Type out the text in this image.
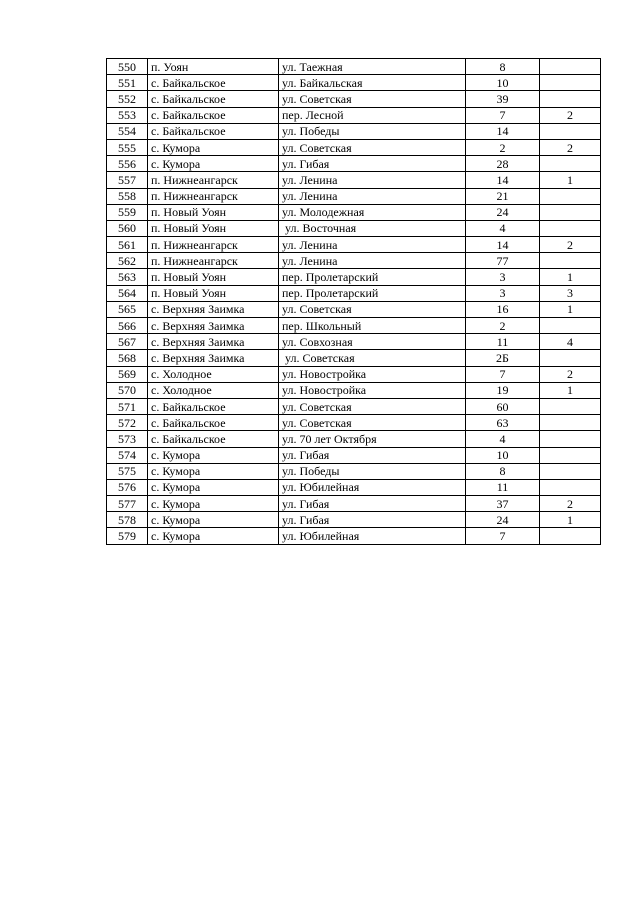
550	п. Уоян	ул. Таежная	8	
551	с. Байкальское	ул. Байкальская	10	
552	с. Байкальское	ул. Советская	39	
553	с. Байкальское	пер. Лесной	7	2
554	с. Байкальское	ул. Победы	14	
555	с. Кумора	ул. Советская	2	2
556	с. Кумора	ул. Гибая	28	
557	п. Нижнеангарск	ул. Ленина	14	1
558	п. Нижнеангарск	ул. Ленина	21	
559	п. Новый Уоян	ул. Молодежная	24	
560	п. Новый Уоян	ул. Восточная	4	
561	п. Нижнеангарск	ул. Ленина	14	2
562	п. Нижнеангарск	ул. Ленина	77	
563	п. Новый Уоян	пер. Пролетарский	3	1
564	п. Новый Уоян	пер. Пролетарский	3	3
565	с. Верхняя Заимка	ул. Советская	16	1
566	с. Верхняя Заимка	пер. Школьный	2	
567	с. Верхняя Заимка	ул. Совхозная	11	4
568	с. Верхняя Заимка	ул. Советская	2Б	
569	с. Холодное	ул. Новостройка	7	2
570	с. Холодное	ул. Новостройка	19	1
571	с. Байкальское	ул. Советская	60	
572	с. Байкальское	ул. Советская	63	
573	с. Байкальское	ул. 70 лет Октября	4	
574	с. Кумора	ул. Гибая	10	
575	с. Кумора	ул. Победы	8	
576	с. Кумора	ул. Юбилейная	11	
577	с. Кумора	ул. Гибая	37	2
578	с. Кумора	ул. Гибая	24	1
579	с. Кумора	ул. Юбилейная	7	
